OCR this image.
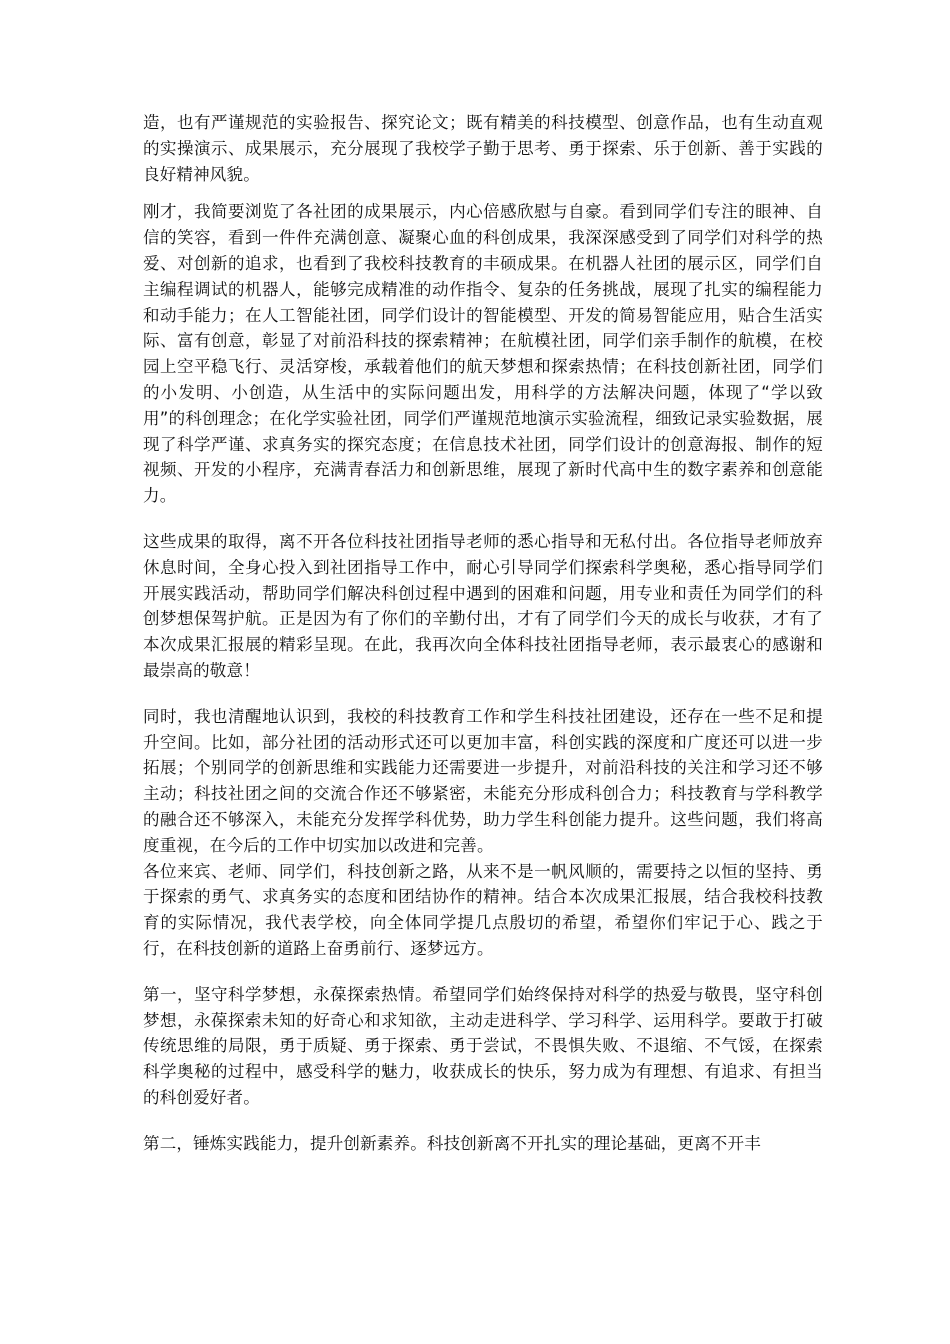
造，也有严谨规范的实验报告、探究论文；既有精美的科技模型、创意作品，也有生动直观的实操演示、成果展示，充分展现了我校学子勤于思考、勇于探索、乐于创新、善于实践的良好精神风貌。

刚才，我简要浏览了各社团的成果展示，内心倍感欣慰与自豪。看到同学们专注的眼神、自信的笑容，看到一件件充满创意、凝聚心血的科创成果，我深深感受到了同学们对科学的热爱、对创新的追求，也看到了我校科技教育的丰硕成果。在机器人社团的展示区，同学们自主编程调试的机器人，能够完成精准的动作指令、复杂的任务挑战，展现了扎实的编程能力和动手能力；在人工智能社团，同学们设计的智能模型、开发的简易智能应用，贴合生活实际、富有创意，彰显了对前沿科技的探索精神；在航模社团，同学们亲手制作的航模，在校园上空平稳飞行、灵活穿梭，承载着他们的航天梦想和探索热情；在科技创新社团，同学们的小发明、小创造，从生活中的实际问题出发，用科学的方法解决问题，体现了“学以致用”的科创理念；在化学实验社团，同学们严谨规范地演示实验流程，细致记录实验数据，展现了科学严谨、求真务实的探究态度；在信息技术社团，同学们设计的创意海报、制作的短视频、开发的小程序，充满青春活力和创新思维，展现了新时代高中生的数字素养和创意能力。

这些成果的取得，离不开各位科技社团指导老师的悉心指导和无私付出。各位指导老师放弃休息时间，全身心投入到社团指导工作中，耐心引导同学们探索科学奥秘，悉心指导同学们开展实践活动，帮助同学们解决科创过程中遇到的困难和问题，用专业和责任为同学们的科创梦想保驾护航。正是因为有了你们的辛勤付出，才有了同学们今天的成长与收获，才有了本次成果汇报展的精彩呈现。在此，我再次向全体科技社团指导老师，表示最衷心的感谢和最崇高的敬意！

同时，我也清醒地认识到，我校的科技教育工作和学生科技社团建设，还存在一些不足和提升空间。比如，部分社团的活动形式还可以更加丰富，科创实践的深度和广度还可以进一步拓展；个别同学的创新思维和实践能力还需要进一步提升，对前沿科技的关注和学习还不够主动；科技社团之间的交流合作还不够紧密，未能充分形成科创合力；科技教育与学科教学的融合还不够深入，未能充分发挥学科优势，助力学生科创能力提升。这些问题，我们将高度重视，在今后的工作中切实加以改进和完善。

各位来宾、老师、同学们，科技创新之路，从来不是一帆风顺的，需要持之以恒的坚持、勇于探索的勇气、求真务实的态度和团结协作的精神。结合本次成果汇报展，结合我校科技教育的实际情况，我代表学校，向全体同学提几点殷切的希望，希望你们牢记于心、践之于行，在科技创新的道路上奋勇前行、逐梦远方。

第一，坚守科学梦想，永葆探索热情。希望同学们始终保持对科学的热爱与敬畏，坚守科创梦想，永葆探索未知的好奇心和求知欲，主动走进科学、学习科学、运用科学。要敢于打破传统思维的局限，勇于质疑、勇于探索、勇于尝试，不畏惧失败、不退缩、不气馁，在探索科学奥秘的过程中，感受科学的魅力，收获成长的快乐，努力成为有理想、有追求、有担当的科创爱好者。

第二，锤炼实践能力，提升创新素养。科技创新离不开扎实的理论基础，更离不开丰
